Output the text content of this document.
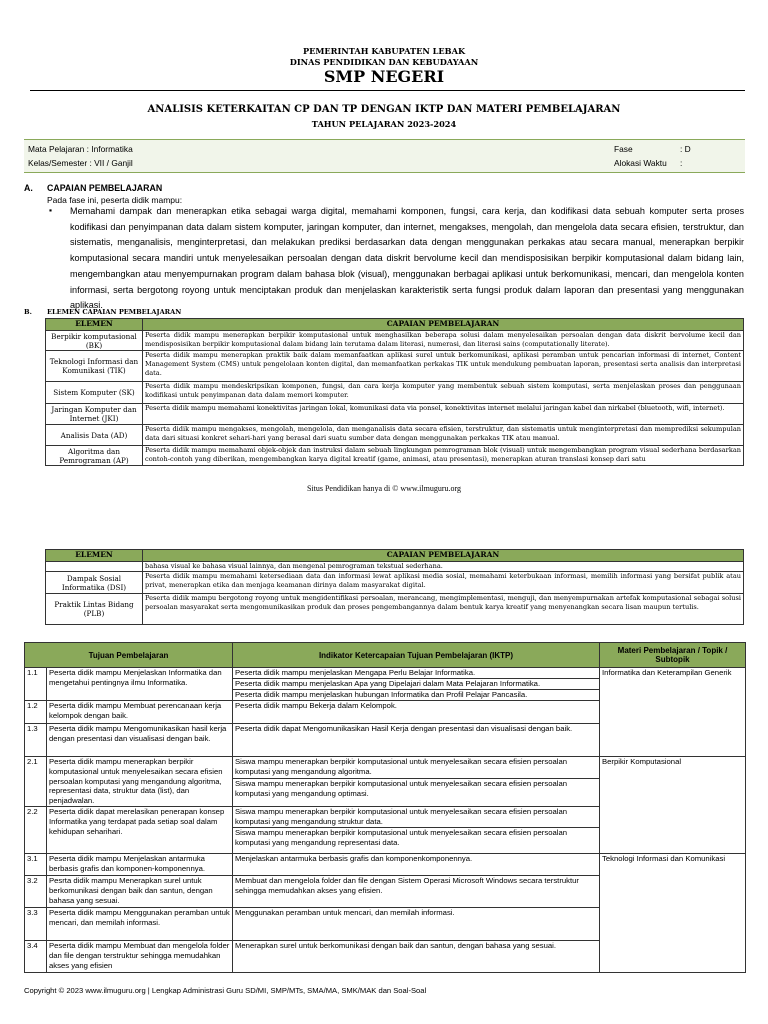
PEMERINTAH KABUPATEN LEBAK
DINAS PENDIDIKAN DAN KEBUDAYAAN
SMP NEGERI
ANALISIS KETERKAITAN CP DAN TP DENGAN IKTP DAN MATERI PEMBELAJARAN
TAHUN PELAJARAN 2023-2024
Mata Pelajaran : Informatika
Kelas/Semester : VII / Ganjil
Fase	: D
Alokasi Waktu :
A. CAPAIAN PEMBELAJARAN
Pada fase ini, peserta didik mampu:
▪ Memahami dampak dan menerapkan etika sebagai warga digital, memahami komponen, fungsi, cara kerja, dan kodifikasi data sebuah komputer serta proses kodifikasi dan penyimpanan data dalam sistem komputer, jaringan komputer, dan internet, mengakses, mengolah, dan mengelola data secara efisien, terstruktur, dan sistematis, menganalisis, menginterpretasi, dan melakukan prediksi berdasarkan data dengan menggunakan perkakas atau secara manual, menerapkan berpikir komputasional secara mandiri untuk menyelesaikan persoalan dengan data diskrit bervolume kecil dan mendisposisikan berpikir komputasional dalam bidang lain, mengembangkan atau menyempurnakan program dalam bahasa blok (visual), menggunakan berbagai aplikasi untuk berkomunikasi, mencari, dan mengelola konten informasi, serta bergotong royong untuk menciptakan produk dan menjelaskan karakteristik serta fungsi produk dalam laporan dan presentasi yang menggunakan aplikasi.
B. ELEMEN CAPAIAN PEMBELAJARAN
ELEMEN	CAPAIAN PEMBELAJARAN
Berpikir komputasional (BK)	Peserta didik mampu menerapkan berpikir komputasional untuk menghasilkan beberapa solusi dalam menyelesaikan persoalan dengan data diskrit bervolume kecil dan mendisposisikan berpikir komputasional dalam bidang lain terutama dalam literasi, numerasi, dan literasi sains (computationally literate).
Teknologi Informasi dan Komunikasi (TIK)	Peserta didik mampu menerapkan praktik baik dalam memanfaatkan aplikasi surel untuk berkomunikasi, aplikasi peramban untuk pencarian informasi di internet, Content Management System (CMS) untuk pengelolaan konten digital, dan memanfaatkan perkakas TIK untuk mendukung pembuatan laporan, presentasi serta analisis dan interpretasi data.
Sistem Komputer (SK)	Peserta didik mampu mendeskripsikan komponen, fungsi, dan cara kerja komputer yang membentuk sebuah sistem komputasi, serta menjelaskan proses dan penggunaan kodifikasi untuk penyimpanan data dalam memori komputer.
Jaringan Komputer dan Internet (JKI)	Peserta didik mampu memahami konektivitas jaringan lokal, komunikasi data via ponsel, konektivitas internet melalui jaringan kabel dan nirkabel (bluetooth, wifi, internet).
Analisis Data (AD)	Peserta didik mampu mengakses, mengolah, mengelola, dan menganalisis data secara efisien, terstruktur, dan sistematis untuk menginterpretasi dan memprediksi sekumpulan data dari situasi konkret sehari-hari yang berasal dari suatu sumber data dengan menggunakan perkakas TIK atau manual.
Algoritma dan Pemrograman (AP)	Peserta didik mampu memahami objek-objek dan instruksi dalam sebuah lingkungan pemrograman blok (visual) untuk mengembangkan program visual sederhana berdasarkan contoh-contoh yang diberikan, mengembangkan karya digital kreatif (game, animasi, atau presentasi), menerapkan aturan translasi konsep dari satu
Situs Pendidikan hanya di © www.ilmuguru.org
ELEMEN	CAPAIAN PEMBELAJARAN
	bahasa visual ke bahasa visual lainnya, dan mengenal pemrograman tekstual sederhana.
Dampak Sosial Informatika (DSI)	Peserta didik mampu memahami ketersediaan data dan informasi lewat aplikasi media sosial, memahami keterbukaan informasi, memilih informasi yang bersifat publik atau privat, menerapkan etika dan menjaga keamanan dirinya dalam masyarakat digital.
Praktik Lintas Bidang (PLB)	Peserta didik mampu bergotong royong untuk mengidentifikasi persoalan, merancang, mengimplementasi, menguji, dan menyempurnakan artefak komputasional sebagai solusi persoalan masyarakat serta mengomunikasikan produk dan proses pengembangannya dalam bentuk karya kreatif yang menyenangkan secara lisan maupun tertulis.
Tujuan Pembelajaran		Indikator Ketercapaian Tujuan Pembelajaran (IKTP)	Materi Pembelajaran / Topik / Subtopik
1.1	Peserta didik mampu Menjelaskan Informatika dan mengetahui pentingnya ilmu Informatika.	Peserta didik mampu menjelaskan Mengapa Perlu Belajar Informatika.	Informatika dan Keterampilan Generik
		Peserta didik mampu menjelaskan Apa yang Dipelajari dalam Mata Pelajaran Informatika.	
		Peserta didik mampu menjelaskan hubungan Informatika dan Profil Pelajar Pancasila.	
1.2	Peserta didik mampu Membuat perencanaan kerja kelompok dengan baik.	Peserta didik mampu Bekerja dalam Kelompok.	
1.3	Peserta didik mampu Mengomunikasikan hasil kerja dengan presentasi dan visualisasi dengan baik.	Peserta didik dapat Mengomunikasikan Hasil Kerja dengan presentasi dan visualisasi dengan baik.	

2.1	Peserta didik mampu menerapkan berpikir komputasional untuk menyelesaikan secara efisien persoalan komputasi yang mengandung algoritma, representasi data, struktur data (list), dan penjadwalan.	Siswa mampu menerapkan berpikir komputasional untuk menyelesaikan secara efisien persoalan komputasi yang mengandung algoritma.	Berpikir Komputasional
		Siswa mampu menerapkan berpikir komputasional untuk menyelesaikan secara efisien persoalan komputasi yang mengandung optimasi.	
2.2	Peserta didik dapat merelasikan penerapan konsep Informatika yang terdapat pada setiap soal dalam kehidupan seharihari.	Siswa mampu menerapkan berpikir komputasional untuk menyelesaikan secara efisien persoalan komputasi yang mengandung struktur data.	
		Siswa mampu menerapkan berpikir komputasional untuk menyelesaikan secara efisien persoalan komputasi yang mengandung representasi data.	
3.1	Peserta didik mampu Menjelaskan antarmuka berbasis grafis dan komponen-komponennya.	Menjelaskan antarmuka berbasis grafis dan komponenkomponennya.	Teknologi Informasi dan Komunikasi
3.2	Pesrta didik mampu Menerapkan surel untuk berkomunikasi dengan baik dan santun, dengan bahasa yang sesuai.	Membuat dan mengelola folder dan file dengan Sistem Operasi Microsoft Windows secara terstruktur sehingga memudahkan akses yang efisien.	
3.3	Peserta didik mampu Menggunakan peramban untuk mencari, dan memilah informasi.	Menggunakan peramban untuk mencari, dan memilah informasi.	
3.4	Peserta didik mampu Membuat dan mengelola folder dan file dengan terstruktur sehingga memudahkan akses yang efisien	Menerapkan surel untuk berkomunikasi dengan baik dan santun, dengan bahasa yang sesuai.	
Copyright © 2023 www.ilmuguru.org | Lengkap Administrasi Guru SD/MI, SMP/MTs, SMA/MA, SMK/MAK dan Soal-Soal
